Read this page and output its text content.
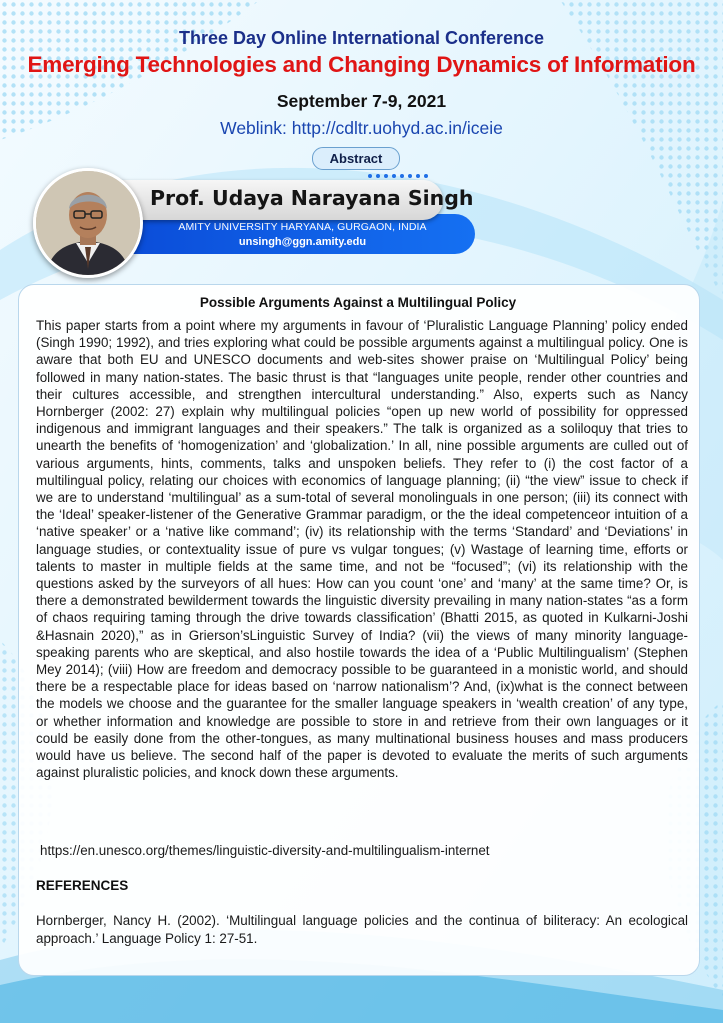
Three Day Online International Conference
Emerging Technologies and Changing Dynamics of Information
September 7-9, 2021
Weblink: http://cdltr.uohyd.ac.in/iceie
Abstract
AMITY UNIVERSITY HARYANA, GURGAON, INDIA
unsingh@ggn.amity.edu
Prof. Udaya Narayana Singh
Possible Arguments Against a Multilingual Policy
This paper starts from a point where my arguments in favour of ‘Pluralistic Language Planning’ policy ended (Singh 1990; 1992), and tries exploring what could be possible arguments against a multilingual policy. One is aware that both EU and UNESCO documents and web-sites shower praise on ‘Multilingual Policy’ being followed in many nation-states. The basic thrust is that “languages unite people, render other countries and their cultures accessible, and strengthen intercultural understanding.” Also, experts such as Nancy Hornberger (2002: 27) explain why multilingual policies “open up new world of possibility for oppressed indigenous and immigrant languages and their speakers.” The talk is organized as a soliloquy that tries to unearth the benefits of ‘homogenization’ and ‘globalization.’ In all, nine possible arguments are culled out of various arguments, hints, comments, talks and unspoken beliefs. They refer to (i) the cost factor of a multilingual policy, relating our choices with economics of language planning; (ii) “the view” issue to check if we are to understand ‘multilingual’ as a sum-total of several monolinguals in one person; (iii) its connect with the ‘Ideal’ speaker-listener of the Generative Grammar paradigm, or the the ideal competenceor intuition of a ‘native speaker’ or a ‘native like command’; (iv) its relationship with the terms ‘Standard’ and ‘Deviations’ in language studies, or contextuality issue of pure vs vulgar tongues; (v) Wastage of learning time, efforts or talents to master in multiple fields at the same time, and not be “focused”; (vi) its relationship with the questions asked by the surveyors of all hues: How can you count ‘one’ and ‘many’ at the same time? Or, is there a demonstrated bewilderment towards the linguistic diversity prevailing in many nation-states “as a form of chaos requiring taming through the drive towards classification’ (Bhatti 2015, as quoted in Kulkarni-Joshi &Hasnain 2020),” as in Grierson’sLinguistic Survey of India? (vii) the views of many minority language-speaking parents who are skeptical, and also hostile towards the idea of a ‘Public Multilingualism’ (Stephen Mey 2014); (viii) How are freedom and democracy possible to be guaranteed in a monistic world, and should there be a respectable place for ideas based on ‘narrow nationalism’? And, (ix)what is the connect between the models we choose and the guarantee for the smaller language speakers in ‘wealth creation’ of any type, or whether information and knowledge are possible to store in and retrieve from their own languages or it could be easily done from the other-tongues, as many multinational business houses and mass producers would have us believe. The second half of the paper is devoted to evaluate the merits of such arguments against pluralistic policies, and knock down these arguments.
https://en.unesco.org/themes/linguistic-diversity-and-multilingualism-internet
REFERENCES
Hornberger, Nancy H. (2002). ‘Multilingual language policies and the continua of biliteracy: An ecological approach.’ Language Policy 1: 27-51.
